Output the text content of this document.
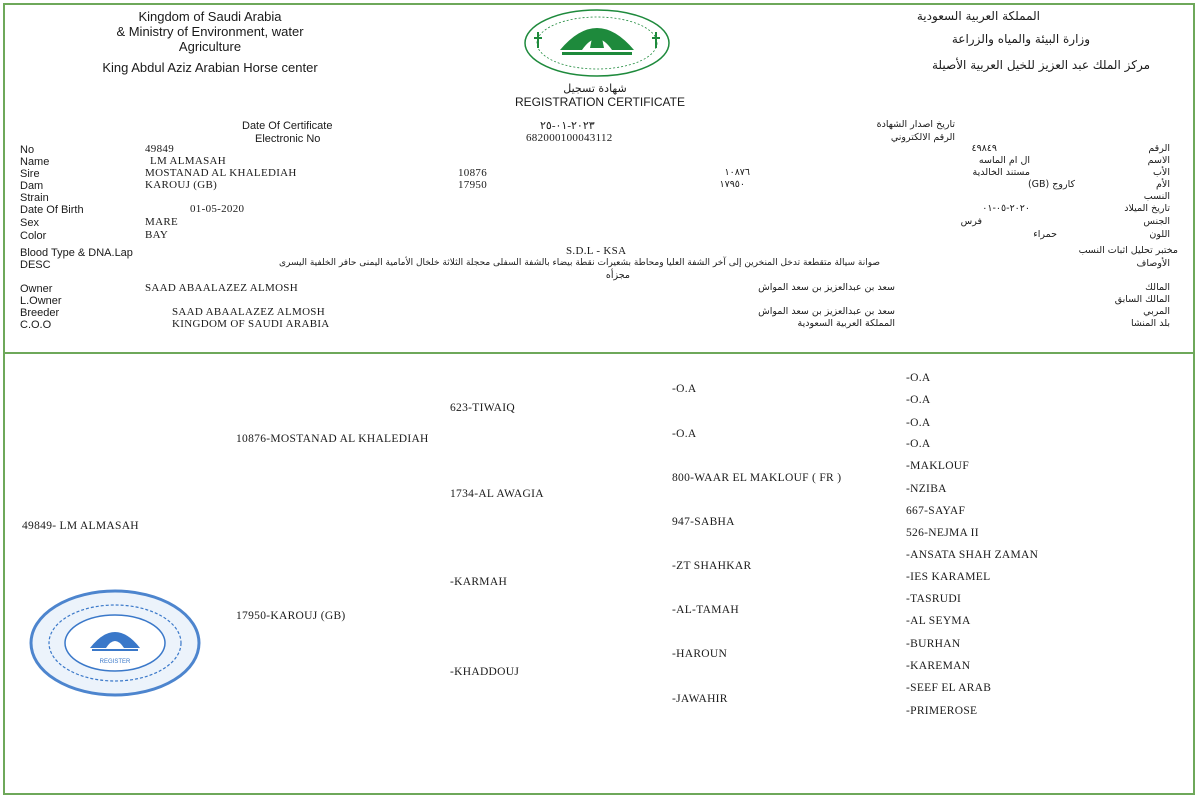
Kingdom of Saudi Arabia
& Ministry of Environment, water
Agriculture
King Abdul Aziz Arabian Horse center
المملكة العربية السعودية
وزارة البيئة والمياه والزراعة
مركز الملك عبد العزيز للخيل العربية الأصيلة
شهادة تسجيل
REGISTRATION CERTIFICATE
Date Of Certificate	٢٠٢٣-٠١-٢٥	تاريخ اصدار الشهادة
Electronic No	682000100043112	الرقم الالكتروني
No	49849	٤٩٨٤٩	الرقم
Name	LM ALMASAH	ال ام الماسه	الاسم
Sire	MOSTANAD AL KHALEDIAH	10876	١٠٨٧٦	مستند الخالدية	الأب
Dam	KAROUJ (GB)	17950	١٧٩٥٠	كاروج (GB)	الأم
Strain	النسب
Date Of Birth	01-05-2020	٢٠٢٠-٠٥-٠١	تاريخ الميلاد
Sex	MARE	فرس	الجنس
Color	BAY	حمراء	اللون
Blood Type & DNA.Lap	S.D.L - KSA	مختبر تحليل اثبات النسب
DESC	صوانة سيالة متقطعة تدخل المنخرين إلى آخر الشفة العليا ومحاطة بشعيرات نقطة بيضاء بالشفة السفلى محجلة الثلاثة خلخال الأمامية اليمنى حافر الخلفية اليسرى
مجزأه
الأوصاف
Owner	SAAD ABAALAZEZ ALMOSH	سعد بن عبدالعزيز بن سعد المواش	المالك
L.Owner	المالك السابق
Breeder	SAAD ABAALAZEZ ALMOSH	سعد بن عبدالعزيز بن سعد المواش	المربي
C.O.O	KINGDOM OF SAUDI ARABIA	المملكة العربية السعودية	بلد المنشا
49849- LM ALMASAH
10876-MOSTANAD AL KHALEDIAH
17950-KAROUJ (GB)
623-TIWAIQ
1734-AL AWAGIA
-KARMAH
-KHADDOUJ
-O.A
-O.A
800-WAAR EL MAKLOUF ( FR )
947-SABHA
-ZT SHAHKAR
-AL-TAMAH
-HAROUN
-JAWAHIR
-O.A
-O.A
-O.A
-O.A
-MAKLOUF
-NZIBA
667-SAYAF
526-NEJMA II
-ANSATA SHAH ZAMAN
-IES KARAMEL
-TASRUDI
-AL SEYMA
-BURHAN
-KAREMAN
-SEEF EL ARAB
-PRIMEROSE
REGISTER
